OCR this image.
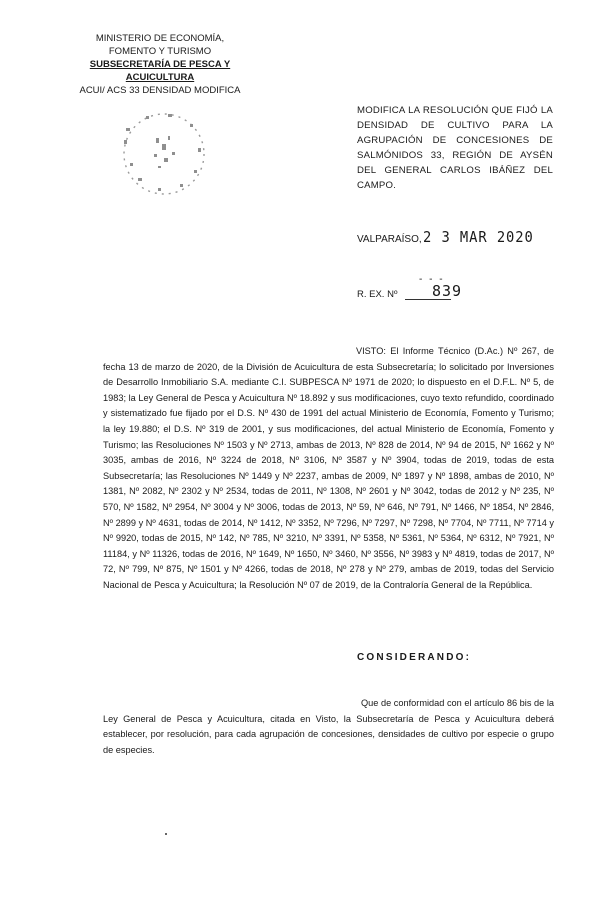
MINISTERIO DE ECONOMÍA,
FOMENTO Y TURISMO
SUBSECRETARÍA DE PESCA Y ACUICULTURA
ACUI/ ACS 33 DENSIDAD MODIFICA
MODIFICA LA RESOLUCIÓN QUE FIJÓ LA DENSIDAD DE CULTIVO PARA LA AGRUPACIÓN DE CONCESIONES DE SALMÓNIDOS 33, REGIÓN DE AYSÉN DEL GENERAL CARLOS IBÁÑEZ DEL CAMPO.
VALPARAÍSO, 2 3 MAR 2020
R. EX. Nº
- - -
839

VISTO: El Informe Técnico (D.Ac.) Nº 267, de fecha 13 de marzo de 2020, de la División de Acuicultura de esta Subsecretaría; lo solicitado por Inversiones de Desarrollo Inmobiliario S.A. mediante C.I. SUBPESCA Nº 1971 de 2020; lo dispuesto en el D.F.L. Nº 5, de 1983; la Ley General de Pesca y Acuicultura Nº 18.892 y sus modificaciones, cuyo texto refundido, coordinado y sistematizado fue fijado por el D.S. Nº 430 de 1991 del actual Ministerio de Economía, Fomento y Turismo; la ley 19.880; el D.S. Nº 319 de 2001, y sus modificaciones, del actual Ministerio de Economía, Fomento y Turismo; las Resoluciones Nº 1503 y Nº 2713, ambas de 2013, Nº 828 de 2014, Nº 94 de 2015, Nº 1662 y Nº 3035, ambas de 2016, Nº 3224 de 2018, Nº 3106, Nº 3587 y Nº 3904, todas de 2019, todas de esta Subsecretaría; las Resoluciones Nº 1449 y Nº 2237, ambas de 2009, Nº 1897 y Nº 1898, ambas de 2010, Nº 1381, Nº 2082, Nº 2302 y Nº 2534, todas de 2011, Nº 1308, Nº 2601 y Nº 3042, todas de 2012 y Nº 235, Nº 570, Nº 1582, Nº 2954, Nº 3004 y Nº 3006, todas de 2013, Nº 59, Nº 646, Nº 791, Nº 1466, Nº 1854, Nº 2846, Nº 2899 y Nº 4631, todas de 2014, Nº 1412, Nº 3352, Nº 7296, Nº 7297, Nº 7298, Nº 7704, Nº 7711, Nº 7714 y Nº 9920, todas de 2015, Nº 142, Nº 785, Nº 3210, Nº 3391, Nº 5358, Nº 5361, Nº 5364, Nº 6312, Nº 7921, Nº 11184, y Nº 11326, todas de 2016, Nº 1649, Nº 1650, Nº 3460, Nº 3556, Nº 3983 y Nº 4819, todas de 2017, Nº 72, Nº 799, Nº 875, Nº 1501 y Nº 4266, todas de 2018, Nº 278 y Nº 279, ambas de 2019, todas del Servicio Nacional de Pesca y Acuicultura; la Resolución Nº 07 de 2019, de la Contraloría General de la República.

CONSIDERANDO:

Que de conformidad con el artículo 86 bis de la Ley General de Pesca y Acuicultura, citada en Visto, la Subsecretaría de Pesca y Acuicultura deberá establecer, por resolución, para cada agrupación de concesiones, densidades de cultivo por especie o grupo de especies.
